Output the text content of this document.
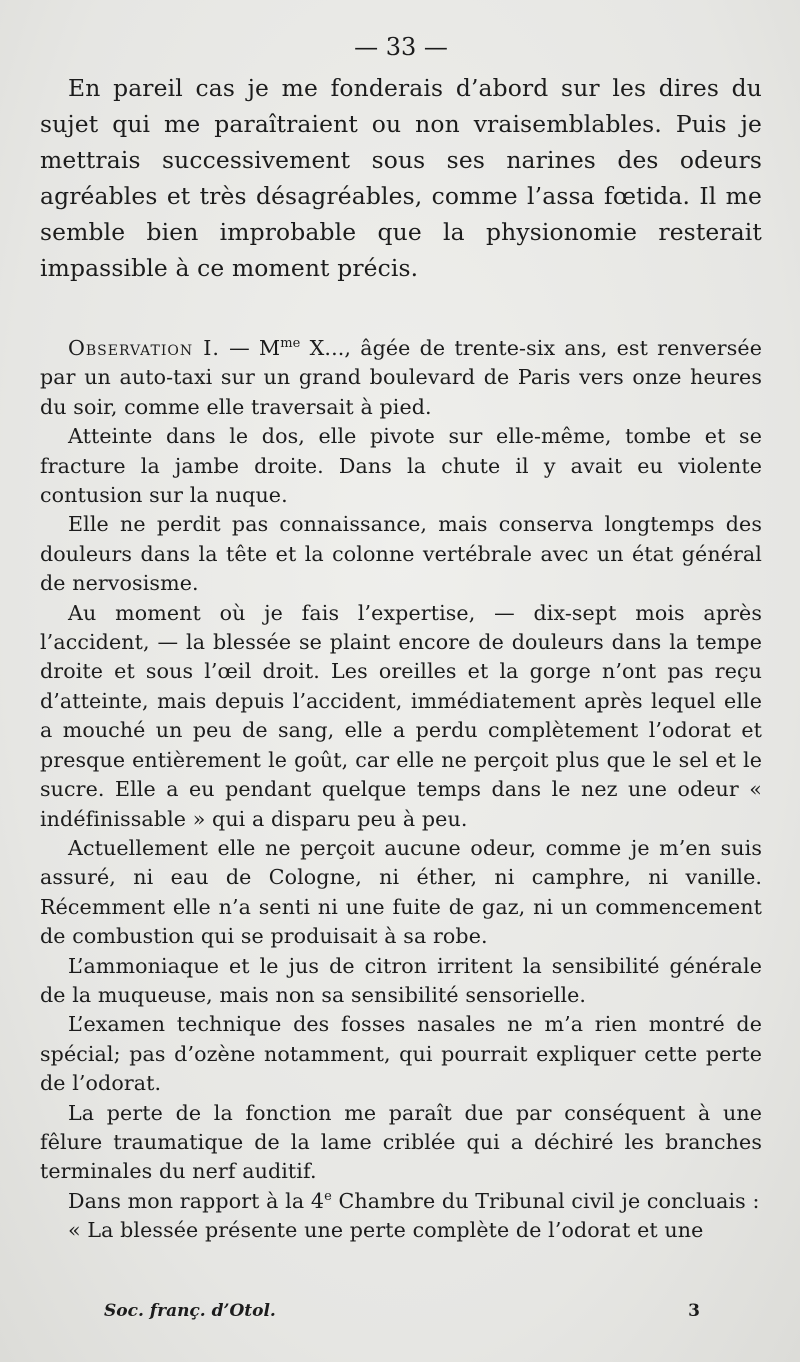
— 33 —

En pareil cas je me fonderais d’abord sur les dires du sujet qui me paraîtraient ou non vraisemblables. Puis je mettrais successivement sous ses narines des odeurs agréables et très désagréables, comme l’assa fœtida. Il me semble bien improbable que la physionomie resterait impassible à ce moment précis.

Observation I. — $M^{me}$ X..., âgée de trente-six ans, est renversée par un auto-taxi sur un grand boulevard de Paris vers onze heures du soir, comme elle traversait à pied.

Atteinte dans le dos, elle pivote sur elle-même, tombe et se fracture la jambe droite. Dans la chute il y avait eu violente contusion sur la nuque.

Elle ne perdit pas connaissance, mais conserva longtemps des douleurs dans la tête et la colonne vertébrale avec un état général de nervosisme.

Au moment où je fais l’expertise, — dix-sept mois après l’accident, — la blessée se plaint encore de douleurs dans la tempe droite et sous l’œil droit. Les oreilles et la gorge n’ont pas reçu d’atteinte, mais depuis l’accident, immédiatement après lequel elle a mouché un peu de sang, elle a perdu complètement l’odorat et presque entièrement le goût, car elle ne perçoit plus que le sel et le sucre. Elle a eu pendant quelque temps dans le nez une odeur « indéfinissable » qui a disparu peu à peu.

Actuellement elle ne perçoit aucune odeur, comme je m’en suis assuré, ni eau de Cologne, ni éther, ni camphre, ni vanille. Récemment elle n’a senti ni une fuite de gaz, ni un commencement de combustion qui se produisait à sa robe.

L’ammoniaque et le jus de citron irritent la sensibilité générale de la muqueuse, mais non sa sensibilité sensorielle.

L’examen technique des fosses nasales ne m’a rien montré de spécial; pas d’ozène notamment, qui pourrait expliquer cette perte de l’odorat.

La perte de la fonction me paraît due par conséquent à une fêlure traumatique de la lame criblée qui a déchiré les branches terminales du nerf auditif.

Dans mon rapport à la 4e Chambre du Tribunal civil je concluais :

« La blessée présente une perte complète de l’odorat et une

Soc. franç. d’Otol.	3
